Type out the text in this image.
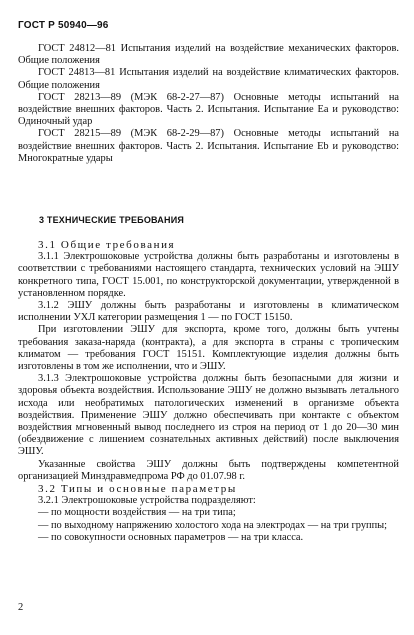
ГОСТ Р 50940—96

ГОСТ 24812—81 Испытания изделий на воздействие механических факторов. Общие положения

ГОСТ 24813—81 Испытания изделий на воздействие климатических факторов. Общие положения

ГОСТ 28213—89 (МЭК 68-2-27—87) Основные методы испытаний на воздействие внешних факторов. Часть 2. Испытания. Испытание Еа и руководство: Одиночный удар

ГОСТ 28215—89 (МЭК 68-2-29—87) Основные методы испытаний на воздействие внешних факторов. Часть 2. Испытания. Испытание Еb и руководство: Многократные удары

3 ТЕХНИЧЕСКИЕ ТРЕБОВАНИЯ

3.1 Общие требования

3.1.1 Электрошоковые устройства должны быть разработаны и изготовлены в соответствии с требованиями настоящего стандарта, технических условий на ЭШУ конкретного типа, ГОСТ 15.001, по конструкторской документации, утвержденной в установленном порядке.

3.1.2 ЭШУ должны быть разработаны и изготовлены в климатическом исполнении УХЛ категории размещения 1 — по ГОСТ 15150.

При изготовлении ЭШУ для экспорта, кроме того, должны быть учтены требования заказа-наряда (контракта), а для экспорта в страны с тропическим климатом — требования ГОСТ 15151. Комплектующие изделия должны быть изготовлены в том же исполнении, что и ЭШУ.

3.1.3 Электрошоковые устройства должны быть безопасными для жизни и здоровья объекта воздействия. Использование ЭШУ не должно вызывать летального исхода или необратимых патологических изменений в организме объекта воздействия. Применение ЭШУ должно обеспечивать при контакте с объектом воздействия мгновенный вывод последнего из строя на период от 1 до 20—30 мин (обездвижение с лишением сознательных активных действий) после выключения ЭШУ.

Указанные свойства ЭШУ должны быть подтверждены компетентной организацией Минздравмедпрома РФ до 01.07.98 г.

3.2 Типы и основные параметры

3.2.1 Электрошоковые устройства подразделяют:

— по мощности воздействия — на три типа;

— по выходному напряжению холостого хода на электродах — на три группы;

— по совокупности основных параметров — на три класса.

2
